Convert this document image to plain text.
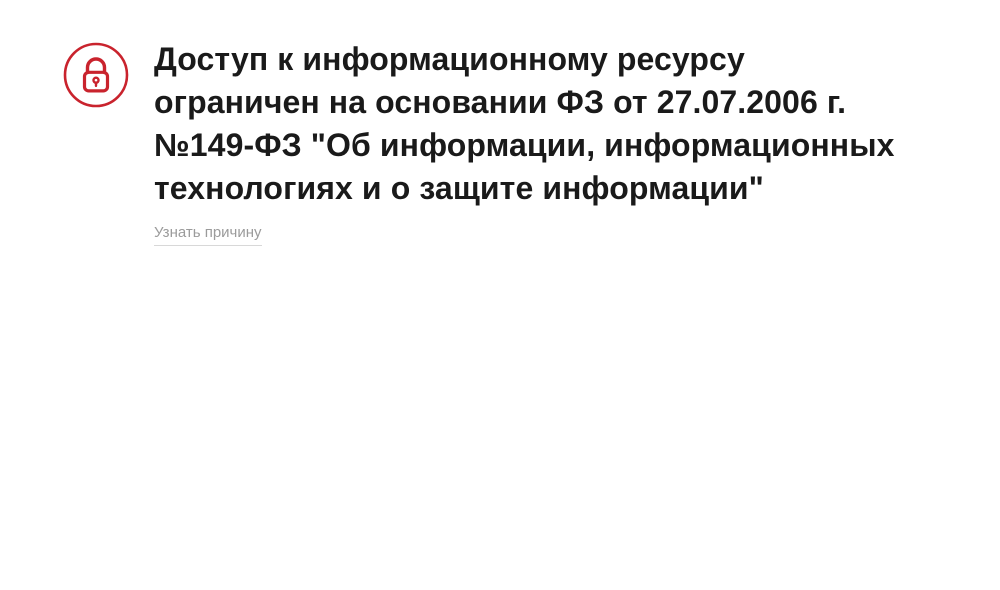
Доступ к информационному ресурсу ограничен на основании ФЗ от 27.07.2006 г. №149-ФЗ "Об информации, информационных технологиях и о защите информации"
Узнать причину
